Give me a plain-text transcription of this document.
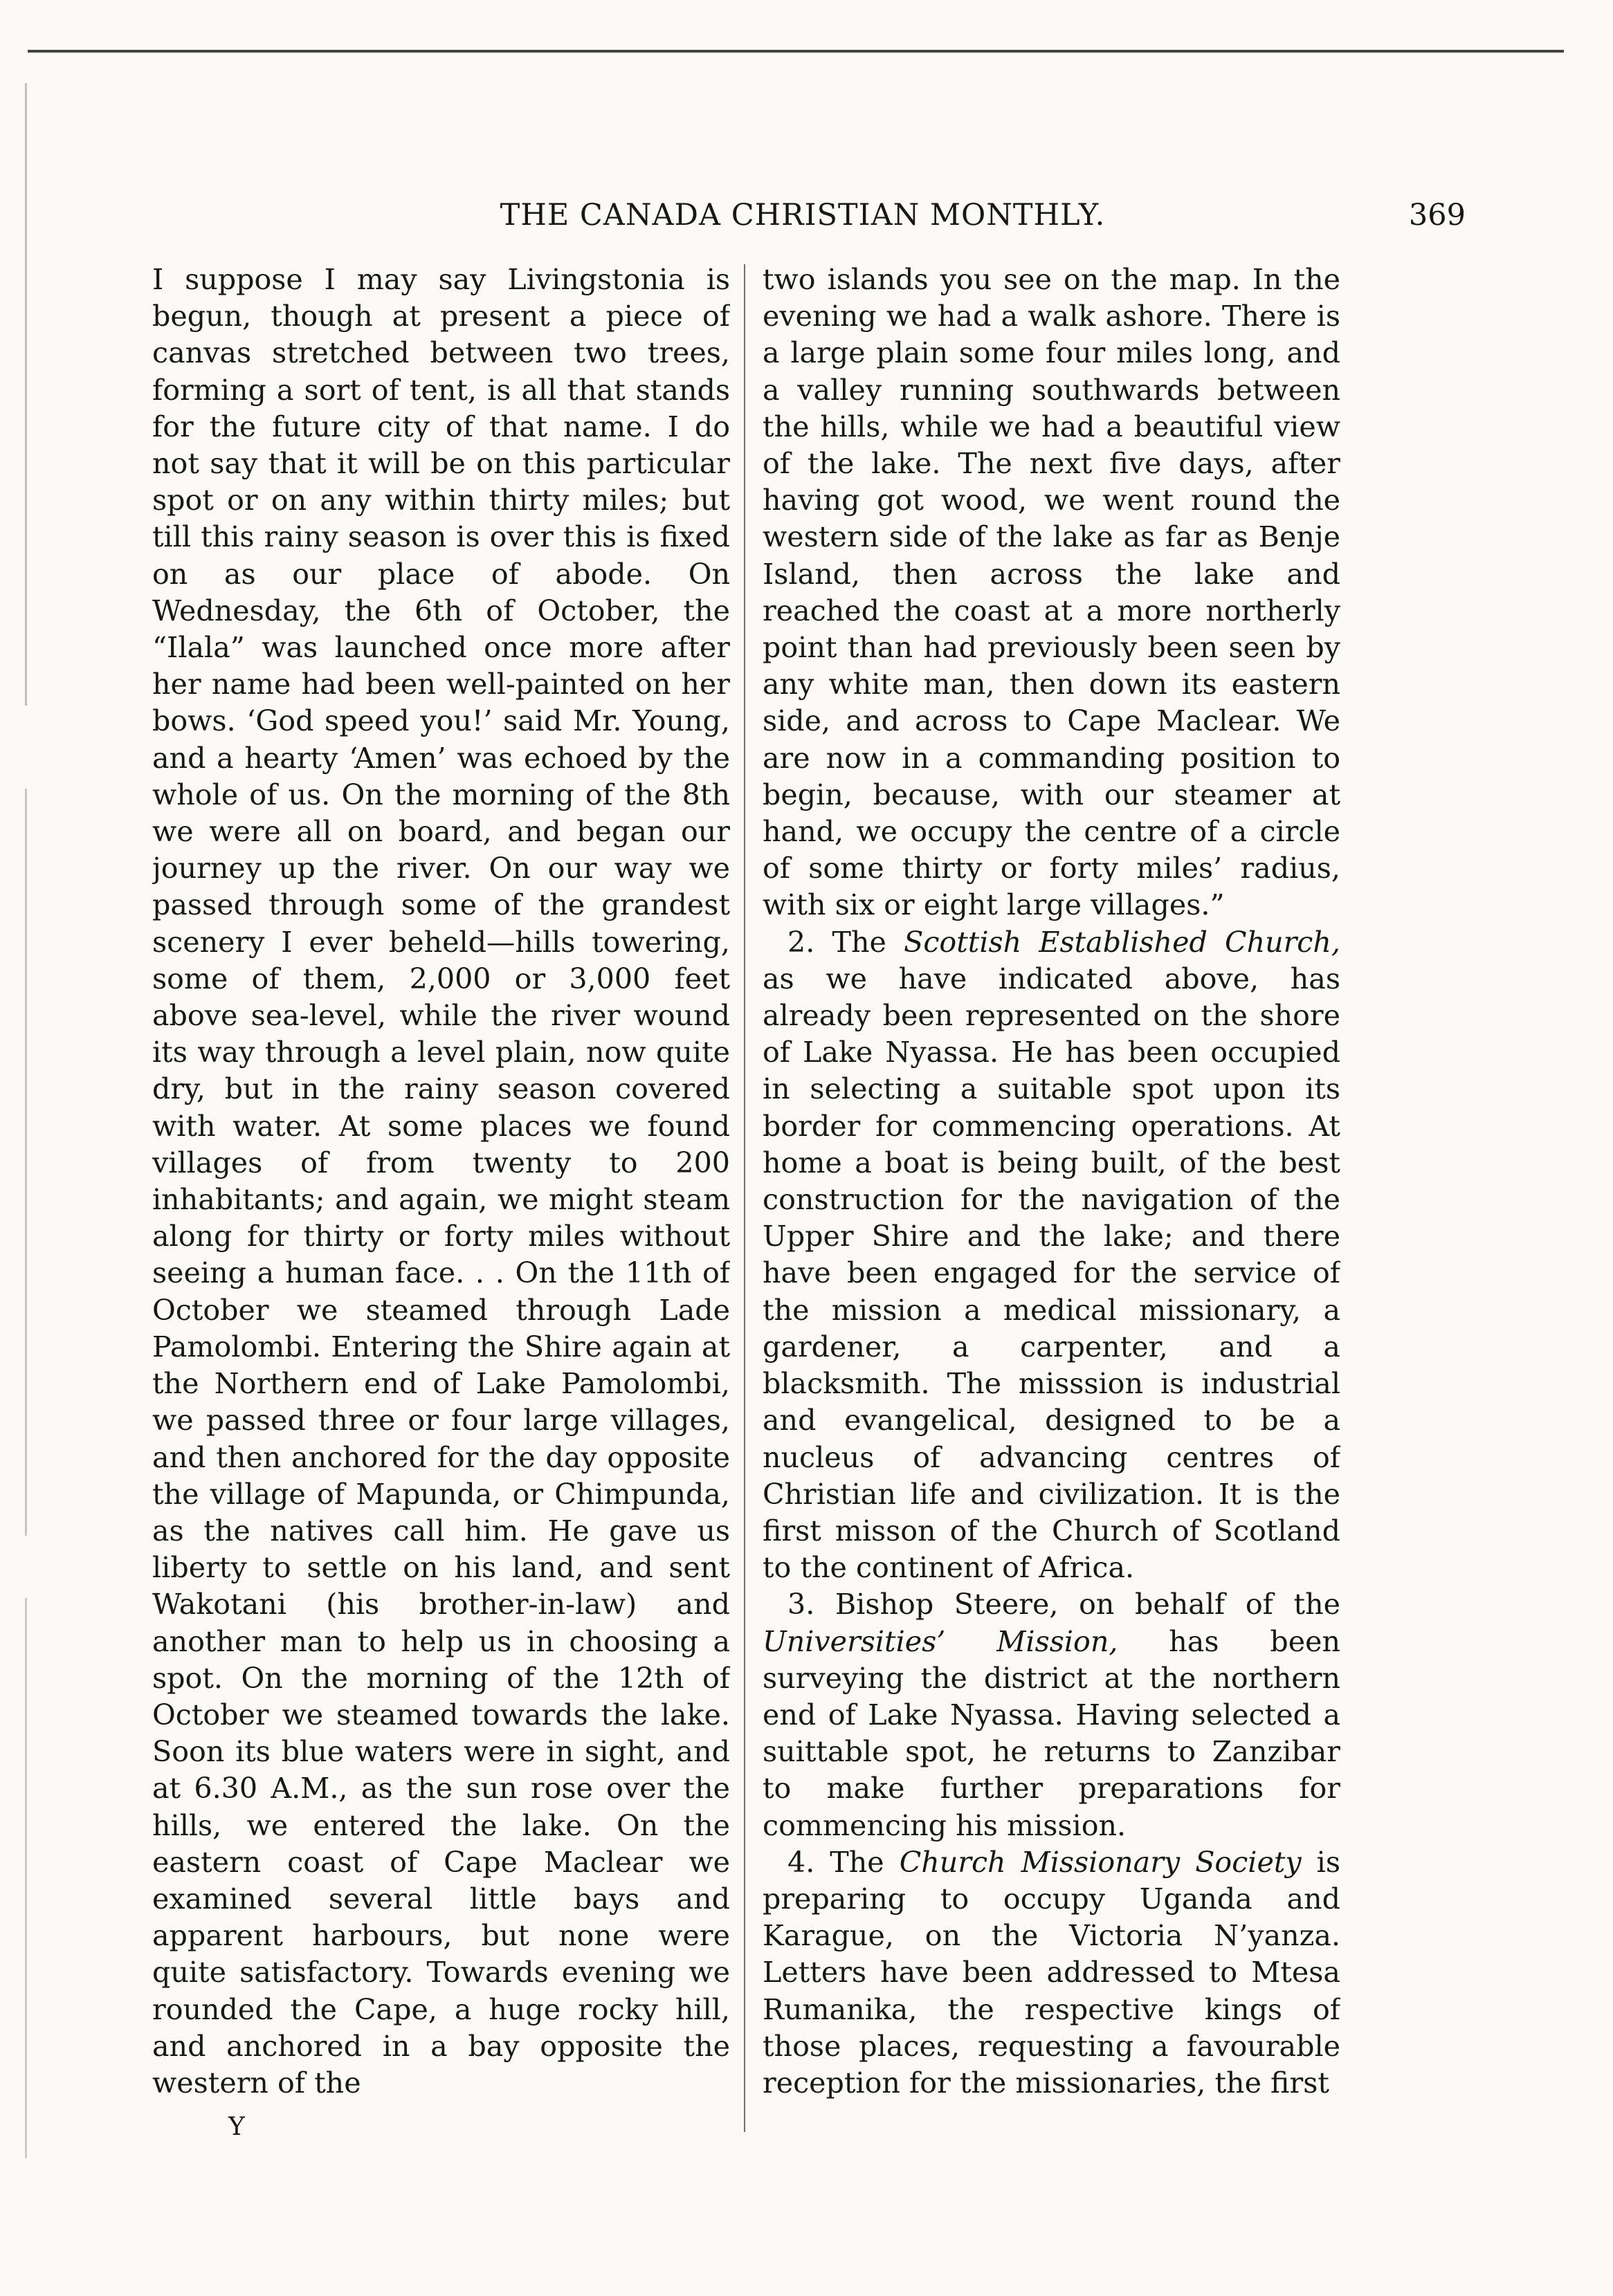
THE CANADA CHRISTIAN MONTHLY.	369

I suppose I may say Livingstonia is begun, though at present a piece of canvas stretched between two trees, forming a sort of tent, is all that stands for the future city of that name. I do not say that it will be on this particular spot or on any within thirty miles; but till this rainy season is over this is fixed on as our place of abode. On Wednesday, the 6th of October, the “Ilala” was launched once more after her name had been well-painted on her bows. ‘God speed you!’ said Mr. Young, and a hearty ‘Amen’ was echoed by the whole of us. On the morning of the 8th we were all on board, and began our journey up the river. On our way we passed through some of the grandest scenery I ever beheld—hills towering, some of them, 2,000 or 3,000 feet above sea-level, while the river wound its way through a level plain, now quite dry, but in the rainy season covered with water. At some places we found villages of from twenty to 200 inhabitants; and again, we might steam along for thirty or forty miles without seeing a human face. . . On the 11th of October we steamed through Lade Pamolombi. Entering the Shire again at the Northern end of Lake Pamolombi, we passed three or four large villages, and then anchored for the day opposite the village of Mapunda, or Chimpunda, as the natives call him. He gave us liberty to settle on his land, and sent Wakotani (his brother-in-law) and another man to help us in choosing a spot. On the morning of the 12th of October we steamed towards the lake. Soon its blue waters were in sight, and at 6.30 A.M., as the sun rose over the hills, we entered the lake. On the eastern coast of Cape Maclear we examined several little bays and apparent harbours, but none were quite satisfactory. Towards evening we rounded the Cape, a huge rocky hill, and anchored in a bay opposite the western of the

two islands you see on the map. In the evening we had a walk ashore. There is a large plain some four miles long, and a valley running southwards between the hills, while we had a beautiful view of the lake. The next five days, after having got wood, we went round the western side of the lake as far as Benje Island, then across the lake and reached the coast at a more northerly point than had previously been seen by any white man, then down its eastern side, and across to Cape Maclear. We are now in a commanding position to begin, because, with our steamer at hand, we occupy the centre of a circle of some thirty or forty miles’ radius, with six or eight large villages.”

2. The Scottish Established Church, as we have indicated above, has already been represented on the shore of Lake Nyassa. He has been occupied in selecting a suitable spot upon its border for commencing operations. At home a boat is being built, of the best construction for the navigation of the Upper Shire and the lake; and there have been engaged for the service of the mission a medical missionary, a gardener, a carpenter, and a blacksmith. The misssion is industrial and evangelical, designed to be a nucleus of advancing centres of Christian life and civilization. It is the first misson of the Church of Scotland to the continent of Africa.

3. Bishop Steere, on behalf of the Universities’ Mission, has been surveying the district at the northern end of Lake Nyassa. Having selected a suittable spot, he returns to Zanzibar to make further preparations for commencing his mission.

4. The Church Missionary Society is preparing to occupy Uganda and Karague, on the Victoria N’yanza. Letters have been addressed to Mtesa Rumanika, the respective kings of those places, requesting a favourable reception for the missionaries, the first

Y
